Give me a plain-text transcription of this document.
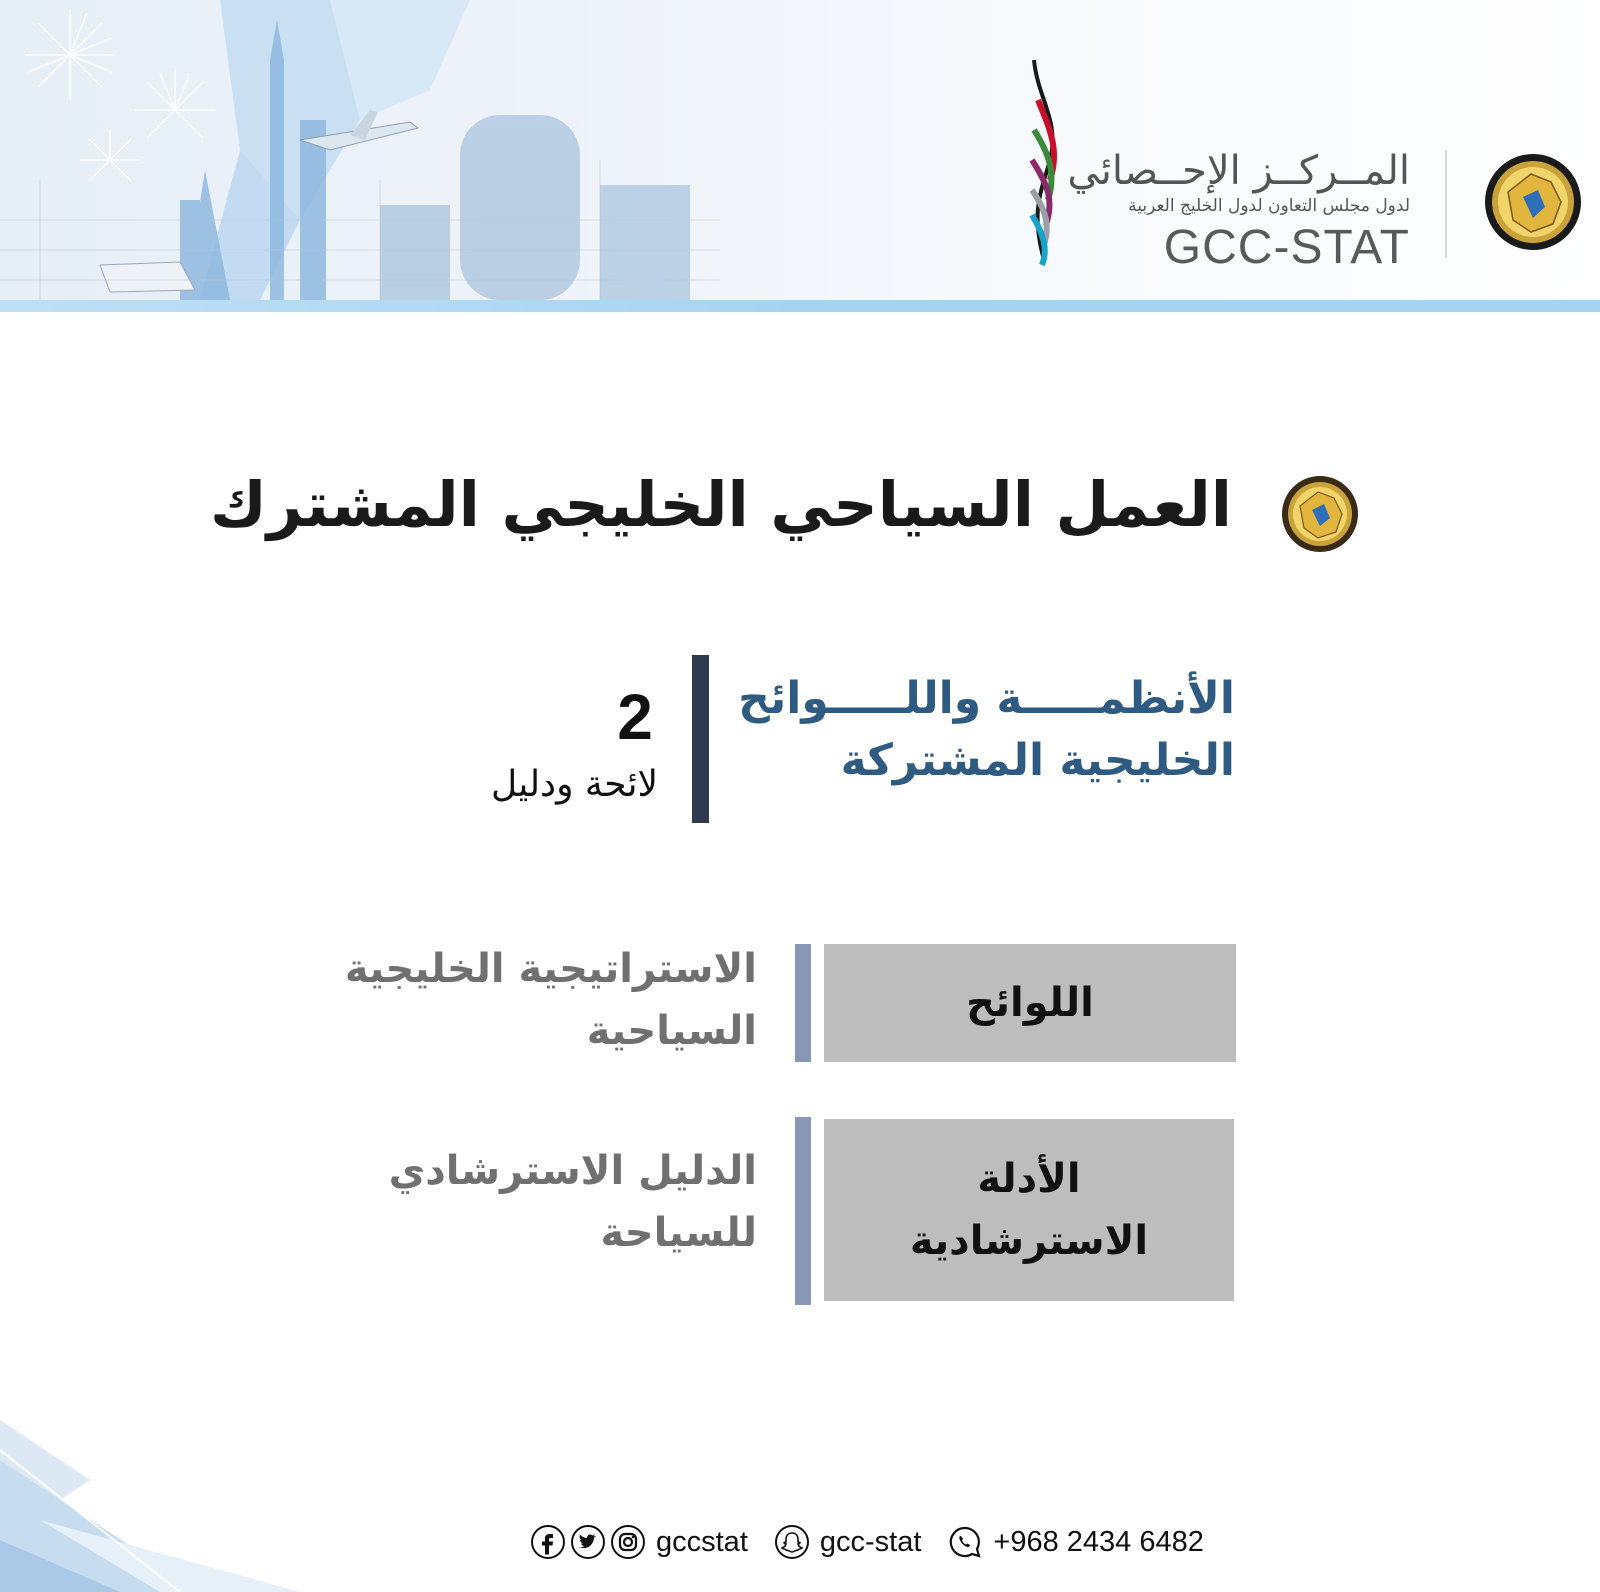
المــركــز الإحــصائي
لدول مجلس التعاون لدول الخليج العربية
GCC-STAT
العمل السياحي الخليجي المشترك
الأنظمـــــة واللـــــوائح
الخليجية المشتركة
2
لائحة ودليل
اللوائح
الاستراتيجية الخليجية
السياحية
الأدلة
الاسترشادية
الدليل الاسترشادي
للسياحة
gccstat gcc-stat +968 2434 6482
